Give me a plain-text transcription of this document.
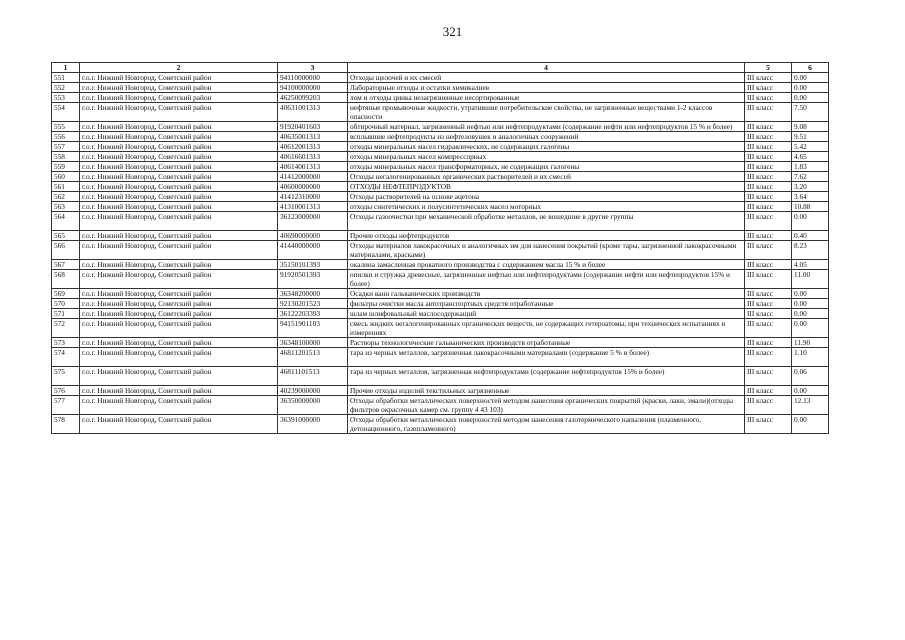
321
1	2	3	4	5	6
551	г.о.г. Нижний Новгород, Советский район	94110000000	Отходы щелочей и их смесей	III класс	0.00
552	г.о.г. Нижний Новгород, Советский район	94100000000	Лабораторные отходы и остатки химикалиев	III класс	0.00
553	г.о.г. Нижний Новгород, Советский район	46250099203	лом и отходы цинка незагрязненные несортированные	III класс	0.00
554	г.о.г. Нижний Новгород, Советский район	40631001313	нефтяные промывочные жидкости, утратившие потребительские свойства, не загрязненные веществами 1-2 классов опасности	III класс	7.50
555	г.о.г. Нижний Новгород, Советский район	91920401603	обтирочный материал, загрязненный нефтью или нефтепродуктами (содержание нефти или нефтепродуктов 15 % и более)	III класс	9.08
556	г.о.г. Нижний Новгород, Советский район	40635001313	всплывшие нефтепродукты из нефтеловушек и аналогичных сооружений	III класс	9.51
557	г.о.г. Нижний Новгород, Советский район	40612001313	отходы минеральных масел гидравлических, не содержащих галогены	III класс	5.42
558	г.о.г. Нижний Новгород, Советский район	40616601313	отходы минеральных масел компрессорных	III класс	4.65
559	г.о.г. Нижний Новгород, Советский район	40614001313	отходы минеральных масел трансформаторных, не содержащих галогены	III класс	1.83
560	г.о.г. Нижний Новгород, Советский район	41412000000	Отходы негалогенированных органических растворителей и их смесей	III класс	7.62
561	г.о.г. Нижний Новгород, Советский район	40600000000	ОТХОДЫ НЕФТЕПРОДУКТОВ	III класс	3.20
562	г.о.г. Нижний Новгород, Советский район	41412310000	Отходы растворителей на основе ацетона	III класс	3.64
563	г.о.г. Нижний Новгород, Советский район	41310001313	отходы синтетических и полусинтетических масел моторных	III класс	10.88
564	г.о.г. Нижний Новгород, Советский район	36123000000	Отходы газоочистки при механической обработке металлов, не вошедшие в другие группы	III класс	0.00
565	г.о.г. Нижний Новгород, Советский район	40690000000	Прочие отходы нефтепродуктов	III класс	0.40
566	г.о.г. Нижний Новгород, Советский район	41440000000	Отходы материалов лакокрасочных и аналогичных им для нанесения покрытий (кроме тары, загрязненной лакокрасочными материалами, красками)	III класс	8.23
567	г.о.г. Нижний Новгород, Советский район	35150101393	окалина замасленная прокатного производства с содержанием масла 15 % и более	III класс	4.05
568	г.о.г. Нижний Новгород, Советский район	91920501393	опилки и стружка древесные, загрязненные нефтью или нефтепродуктами (содержание нефти или нефтепродуктов 15% и более)	III класс	11.00
569	г.о.г. Нижний Новгород, Советский район	36348200000	Осадки ванн гальванических производств	III класс	0.00
570	г.о.г. Нижний Новгород, Советский район	92130201523	фильтры очистки масла автотранспортных средств отработанные	III класс	0.00
571	г.о.г. Нижний Новгород, Советский район	36122203393	шлам шлифовальный маслосодержащий	III класс	0.00
572	г.о.г. Нижний Новгород, Советский район	94151901103	смесь жидких негалогенированных органических веществ, не содержащих гетероатомы, при технических испытаниях и измерениях	III класс	0.00
573	г.о.г. Нижний Новгород, Советский район	36348100000	Растворы технологические гальванических производств отработанные	III класс	11.90
574	г.о.г. Нижний Новгород, Советский район	46811201513	тара из черных металлов, загрязненная лакокрасочными материалами (содержание 5 % и более)	III класс	1.10
575	г.о.г. Нижний Новгород, Советский район	46811101513	тара из черных металлов, загрязненная нефтепродуктами (содержание нефтепродуктов 15% и более)	III класс	0.06
576	г.о.г. Нижний Новгород, Советский район	40239000000	Прочие отходы изделий текстильных загрязненные	III класс	0.00
577	г.о.г. Нижний Новгород, Советский район	36350000000	Отходы обработки металлических поверхностей методом нанесения органических покрытий (краски, лаки, эмали)(отходы фильтров окрасочных камер см. группу 4 43 103)	III класс	12.13
578	г.о.г. Нижний Новгород, Советский район	36391000000	Отходы обработки металлических поверхностей методом нанесения газотермического напыления (плазменного, детонационного, газопламенного)	III класс	0.00
